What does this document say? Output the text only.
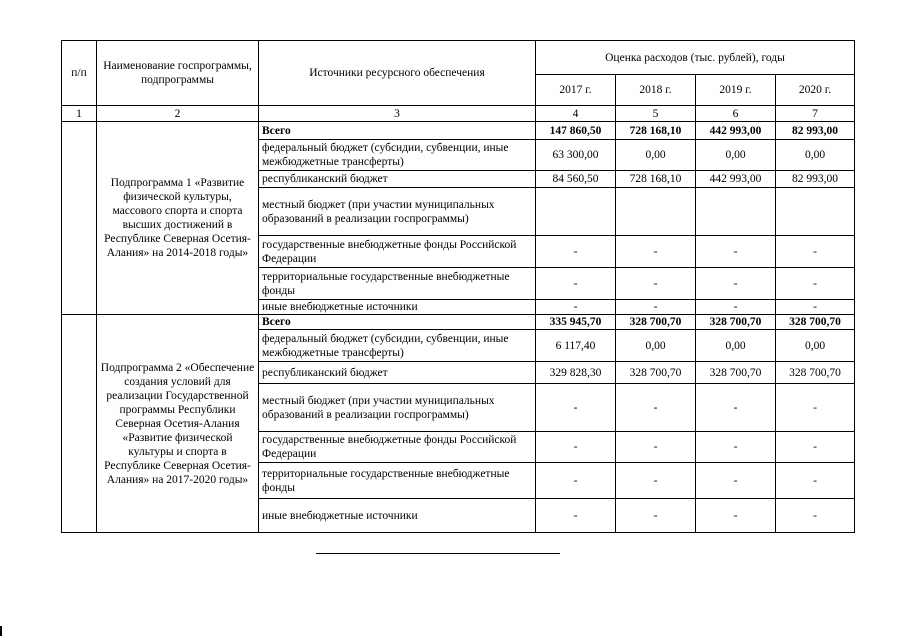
п/п	Наименование госпрограммы, подпрограммы	Источники ресурсного обеспечения	Оценка расходов (тыс. рублей), годы			
			2017 г.	2018 г.	2019 г.	2020 г.
1	2	3	4	5	6	7
	Подпрограмма 1 «Развитие физической культуры, массового спорта и спорта высших достижений в Республике Северная Осетия-Алания» на 2014-2018 годы»	Всего	147 860,50	728 168,10	442 993,00	82 993,00
		федеральный бюджет (субсидии, субвенции, иные межбюджетные трансферты)	63 300,00	0,00	0,00	0,00
		республиканский бюджет	84 560,50	728 168,10	442 993,00	82 993,00
		местный бюджет (при участии муниципальных образований в реализации госпрограммы)				
		государственные внебюджетные фонды Российской Федерации	-	-	-	-
		территориальные государственные внебюджетные фонды	-	-	-	-
		иные внебюджетные источники	-	-	-	-
	Подпрограмма 2 «Обеспечение создания условий для реализации Государственной программы Республики Северная Осетия-Алания «Развитие физической культуры и спорта в Республике Северная Осетия-Алания» на 2017-2020 годы»	Всего	335 945,70	328 700,70	328 700,70	328 700,70
		федеральный бюджет (субсидии, субвенции, иные межбюджетные трансферты)	6 117,40	0,00	0,00	0,00
		республиканский бюджет	329 828,30	328 700,70	328 700,70	328 700,70
		местный бюджет (при участии муниципальных образований в реализации госпрограммы)	-	-	-	-
		государственные внебюджетные фонды Российской Федерации	-	-	-	-
		территориальные государственные внебюджетные фонды	-	-	-	-
		иные внебюджетные источники	-	-	-	-
